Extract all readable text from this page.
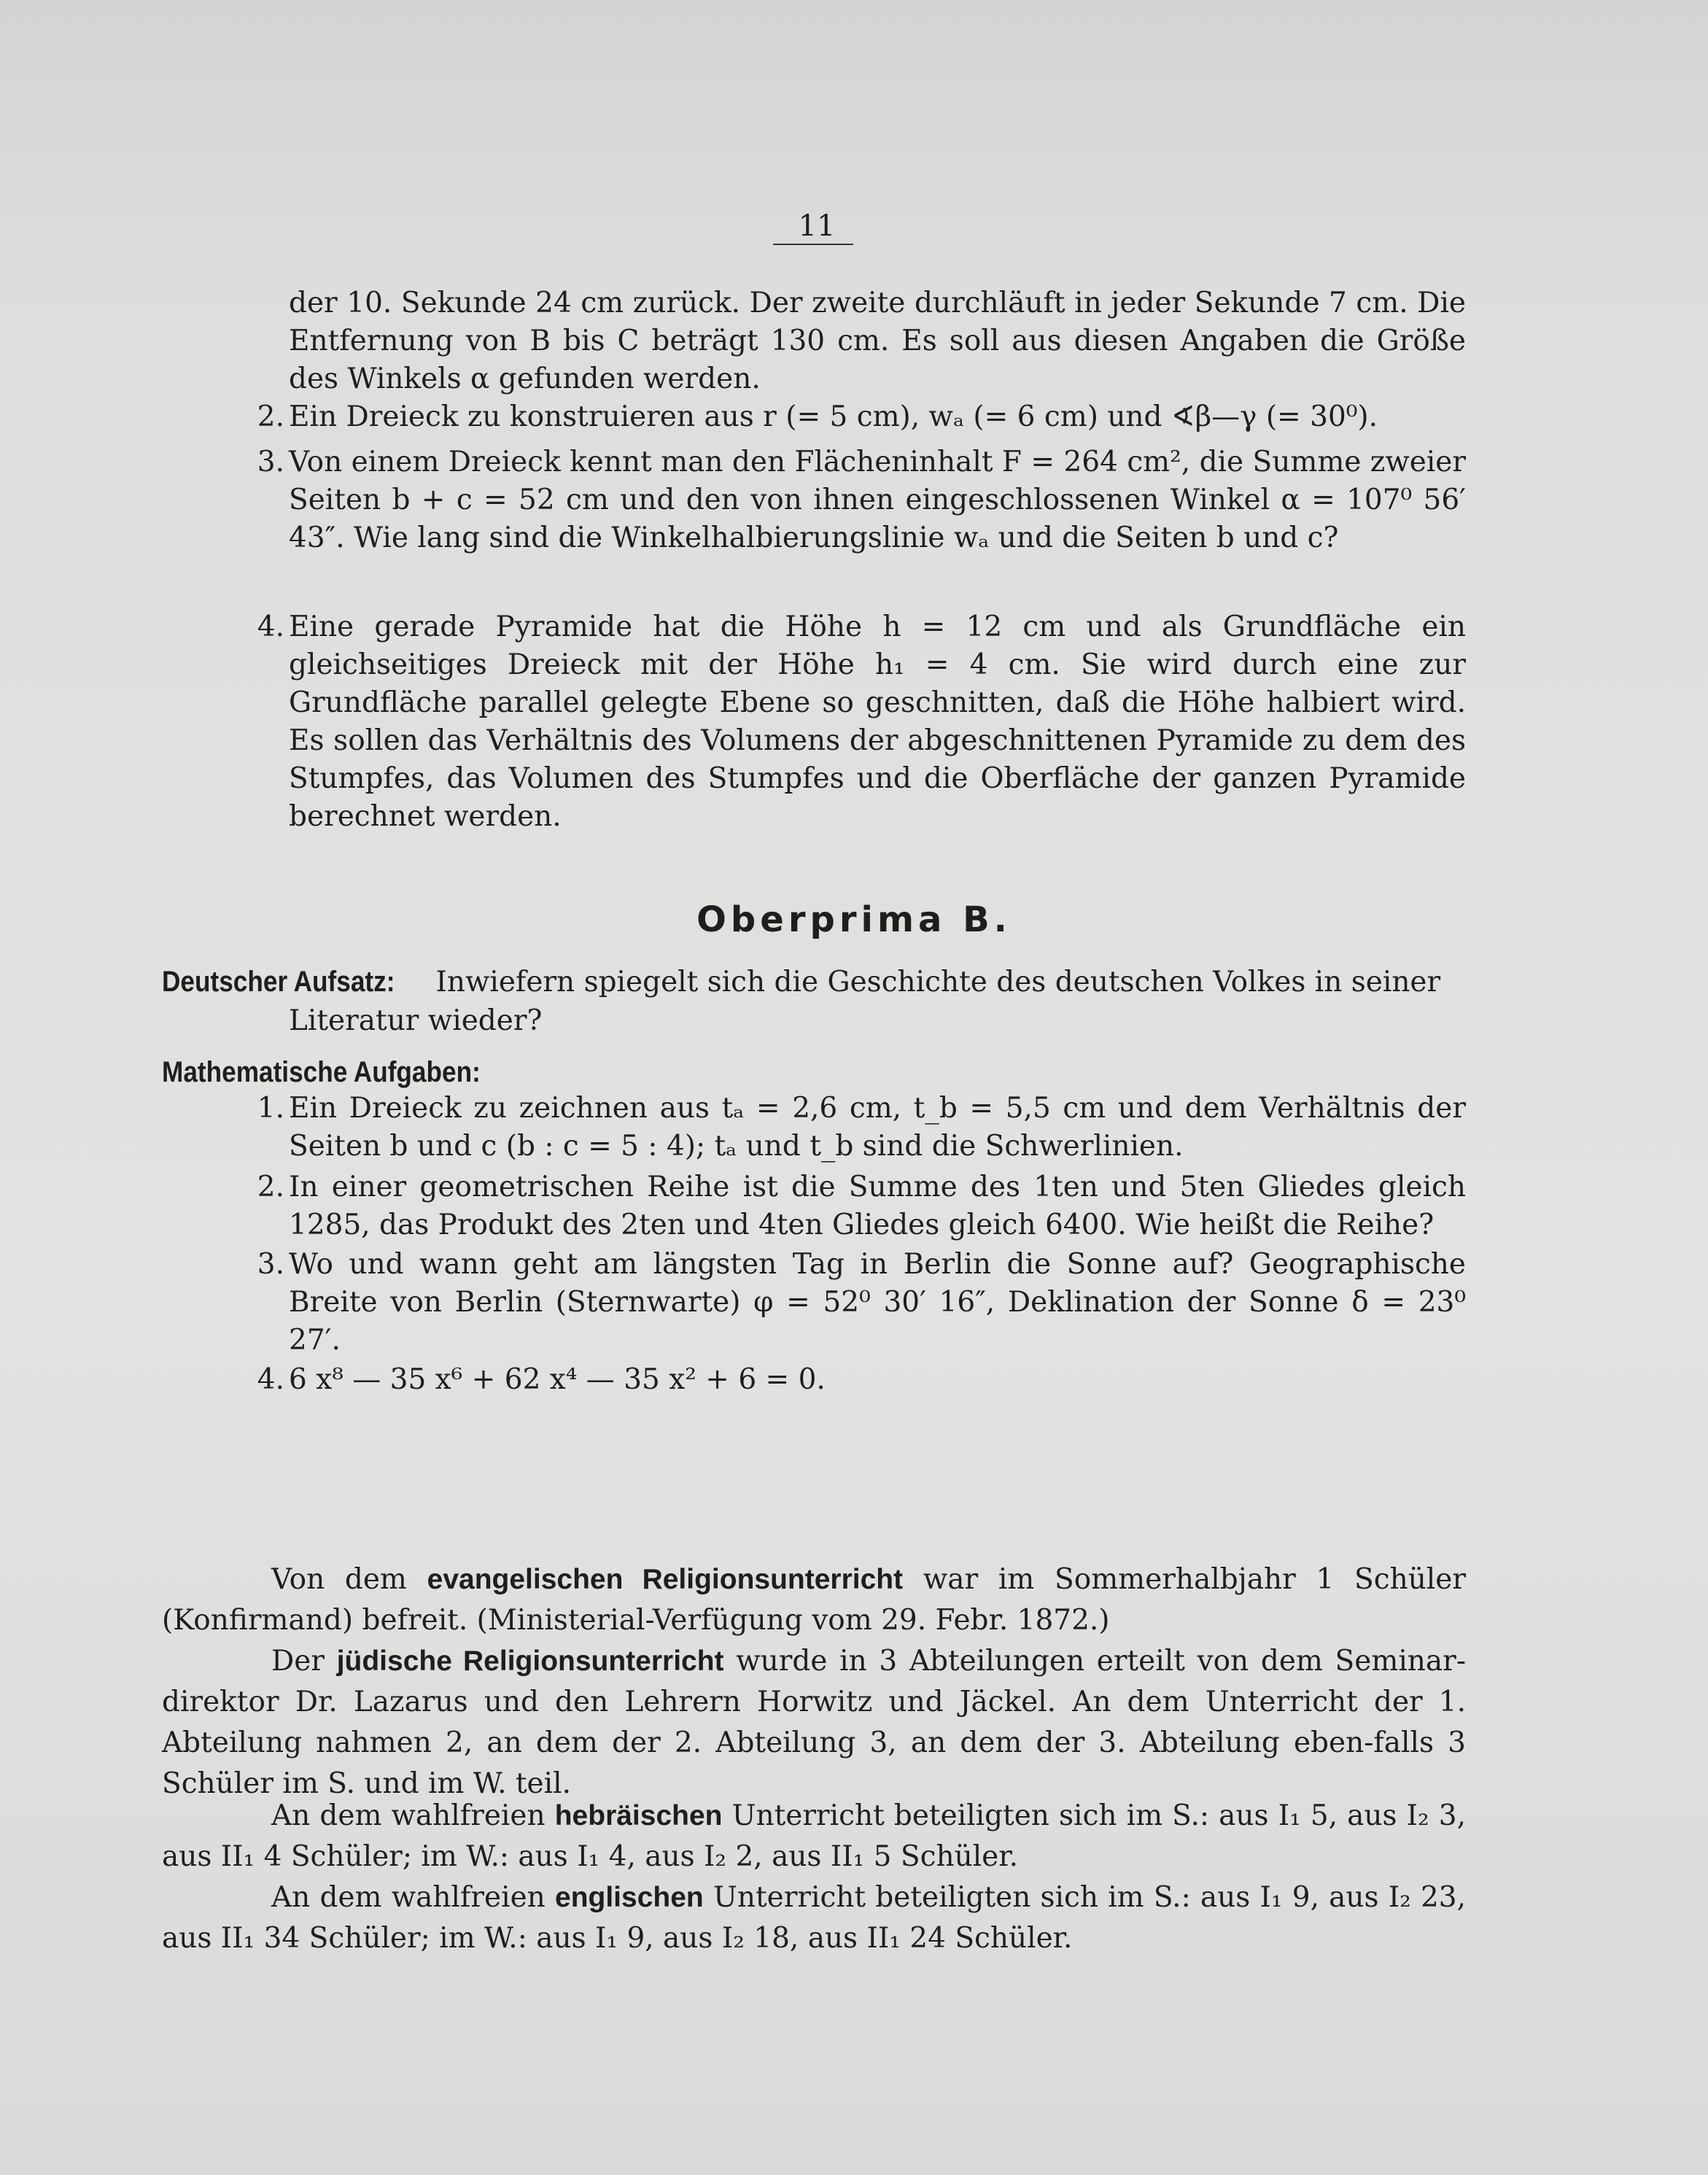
11
der 10. Sekunde 24 cm zurück. Der zweite durchläuft in jeder Sekunde 7 cm. Die Entfernung von B bis C beträgt 130 cm. Es soll aus diesen Angaben die Größe des Winkels α gefunden werden.
2. Ein Dreieck zu konstruieren aus r (= 5 cm), wₐ (= 6 cm) und ∢β—γ (= 30⁰).
3. Von einem Dreieck kennt man den Flächeninhalt F = 264 cm², die Summe zweier Seiten b + c = 52 cm und den von ihnen eingeschlossenen Winkel α = 107⁰ 56′ 43″. Wie lang sind die Winkelhalbierungslinie wₐ und die Seiten b und c?
4. Eine gerade Pyramide hat die Höhe h = 12 cm und als Grundfläche ein gleichseitiges Dreieck mit der Höhe h₁ = 4 cm. Sie wird durch eine zur Grundfläche parallel gelegte Ebene so geschnitten, daß die Höhe halbiert wird. Es sollen das Verhältnis des Volumens der abgeschnittenen Pyramide zu dem des Stumpfes, das Volumen des Stumpfes und die Oberfläche der ganzen Pyramide berechnet werden.
Oberprima B.
Deutscher Aufsatz: Inwiefern spiegelt sich die Geschichte des deutschen Volkes in seiner
Literatur wieder?
Mathematische Aufgaben:
1. Ein Dreieck zu zeichnen aus tₐ = 2,6 cm, t_b = 5,5 cm und dem Verhältnis der Seiten b und c (b : c = 5 : 4); tₐ und t_b sind die Schwerlinien.
2. In einer geometrischen Reihe ist die Summe des 1ten und 5ten Gliedes gleich 1285, das Produkt des 2ten und 4ten Gliedes gleich 6400. Wie heißt die Reihe?
3. Wo und wann geht am längsten Tag in Berlin die Sonne auf? Geographische Breite von Berlin (Sternwarte) φ = 52⁰ 30′ 16″, Deklination der Sonne δ = 23⁰ 27′.
4. 6 x⁸ — 35 x⁶ + 62 x⁴ — 35 x² + 6 = 0.
Von dem evangelischen Religionsunterricht war im Sommerhalbjahr 1 Schüler (Konfirmand) befreit. (Ministerial-Verfügung vom 29. Febr. 1872.)
Der jüdische Religionsunterricht wurde in 3 Abteilungen erteilt von dem Seminar-direktor Dr. Lazarus und den Lehrern Horwitz und Jäckel. An dem Unterricht der 1. Abteilung nahmen 2, an dem der 2. Abteilung 3, an dem der 3. Abteilung eben-falls 3 Schüler im S. und im W. teil.
An dem wahlfreien hebräischen Unterricht beteiligten sich im S.: aus I₁ 5, aus I₂ 3, aus II₁ 4 Schüler; im W.: aus I₁ 4, aus I₂ 2, aus II₁ 5 Schüler.
An dem wahlfreien englischen Unterricht beteiligten sich im S.: aus I₁ 9, aus I₂ 23, aus II₁ 34 Schüler; im W.: aus I₁ 9, aus I₂ 18, aus II₁ 24 Schüler.
